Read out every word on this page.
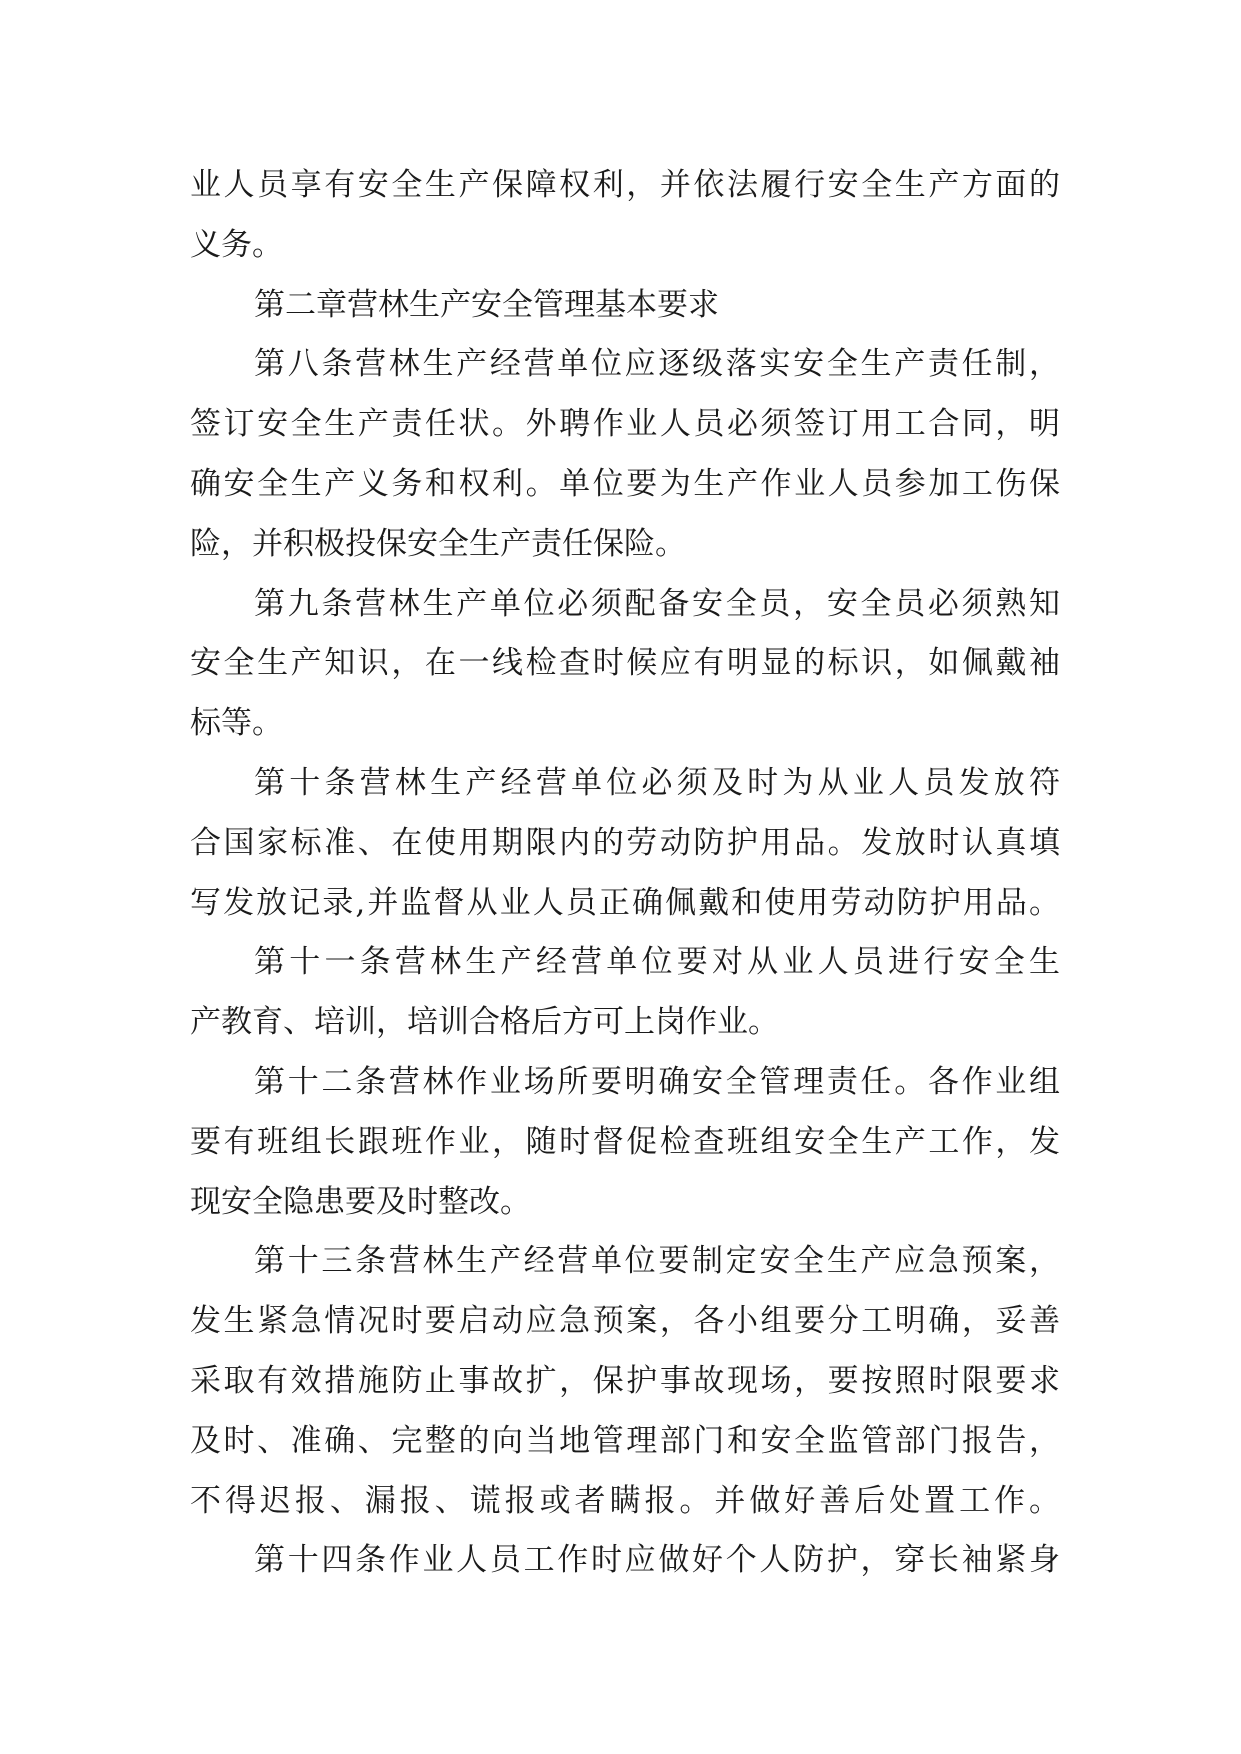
业人员享有安全生产保障权利，并依法履行安全生产方面的
义务。
第二章营林生产安全管理基本要求
第八条营林生产经营单位应逐级落实安全生产责任制，
签订安全生产责任状。外聘作业人员必须签订用工合同，明
确安全生产义务和权利。单位要为生产作业人员参加工伤保
险，并积极投保安全生产责任保险。
第九条营林生产单位必须配备安全员，安全员必须熟知
安全生产知识，在一线检查时候应有明显的标识，如佩戴袖
标等。
第十条营林生产经营单位必须及时为从业人员发放符
合国家标准、在使用期限内的劳动防护用品。发放时认真填
写发放记录,并监督从业人员正确佩戴和使用劳动防护用品。
第十一条营林生产经营单位要对从业人员进行安全生
产教育、培训，培训合格后方可上岗作业。
第十二条营林作业场所要明确安全管理责任。各作业组
要有班组长跟班作业，随时督促检查班组安全生产工作，发
现安全隐患要及时整改。
第十三条营林生产经营单位要制定安全生产应急预案，
发生紧急情况时要启动应急预案，各小组要分工明确，妥善
采取有效措施防止事故扩，保护事故现场，要按照时限要求
及时、准确、完整的向当地管理部门和安全监管部门报告，
不得迟报、漏报、谎报或者瞒报。并做好善后处置工作。
第十四条作业人员工作时应做好个人防护，穿长袖紧身
